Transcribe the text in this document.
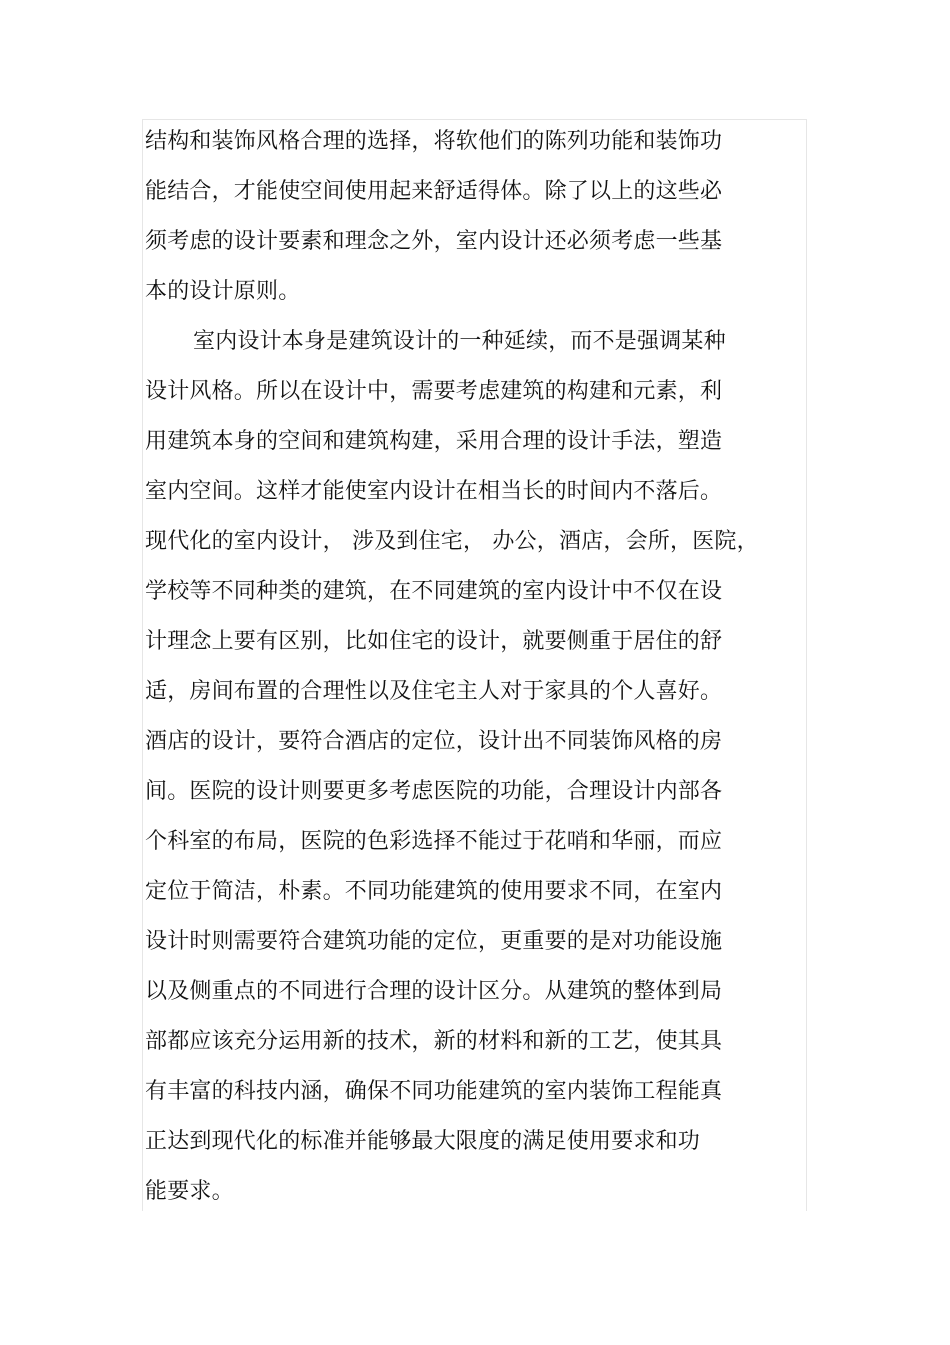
结构和装饰风格合理的选择，将软他们的陈列功能和装饰功
能结合，才能使空间使用起来舒适得体。除了以上的这些必
须考虑的设计要素和理念之外，室内设计还必须考虑一些基
本的设计原则。
室内设计本身是建筑设计的一种延续，而不是强调某种
设计风格。所以在设计中，需要考虑建筑的构建和元素，利
用建筑本身的空间和建筑构建，采用合理的设计手法，塑造
室内空间。这样才能使室内设计在相当长的时间内不落后。
现代化的室内设计， 涉及到住宅， 办公，酒店，会所，医院，
学校等不同种类的建筑，在不同建筑的室内设计中不仅在设
计理念上要有区别，比如住宅的设计，就要侧重于居住的舒
适，房间布置的合理性以及住宅主人对于家具的个人喜好。
酒店的设计，要符合酒店的定位，设计出不同装饰风格的房
间。医院的设计则要更多考虑医院的功能，合理设计内部各
个科室的布局，医院的色彩选择不能过于花哨和华丽，而应
定位于简洁，朴素。不同功能建筑的使用要求不同，在室内
设计时则需要符合建筑功能的定位，更重要的是对功能设施
以及侧重点的不同进行合理的设计区分。从建筑的整体到局
部都应该充分运用新的技术，新的材料和新的工艺，使其具
有丰富的科技内涵，确保不同功能建筑的室内装饰工程能真
正达到现代化的标准并能够最大限度的满足使用要求和功
能要求。
